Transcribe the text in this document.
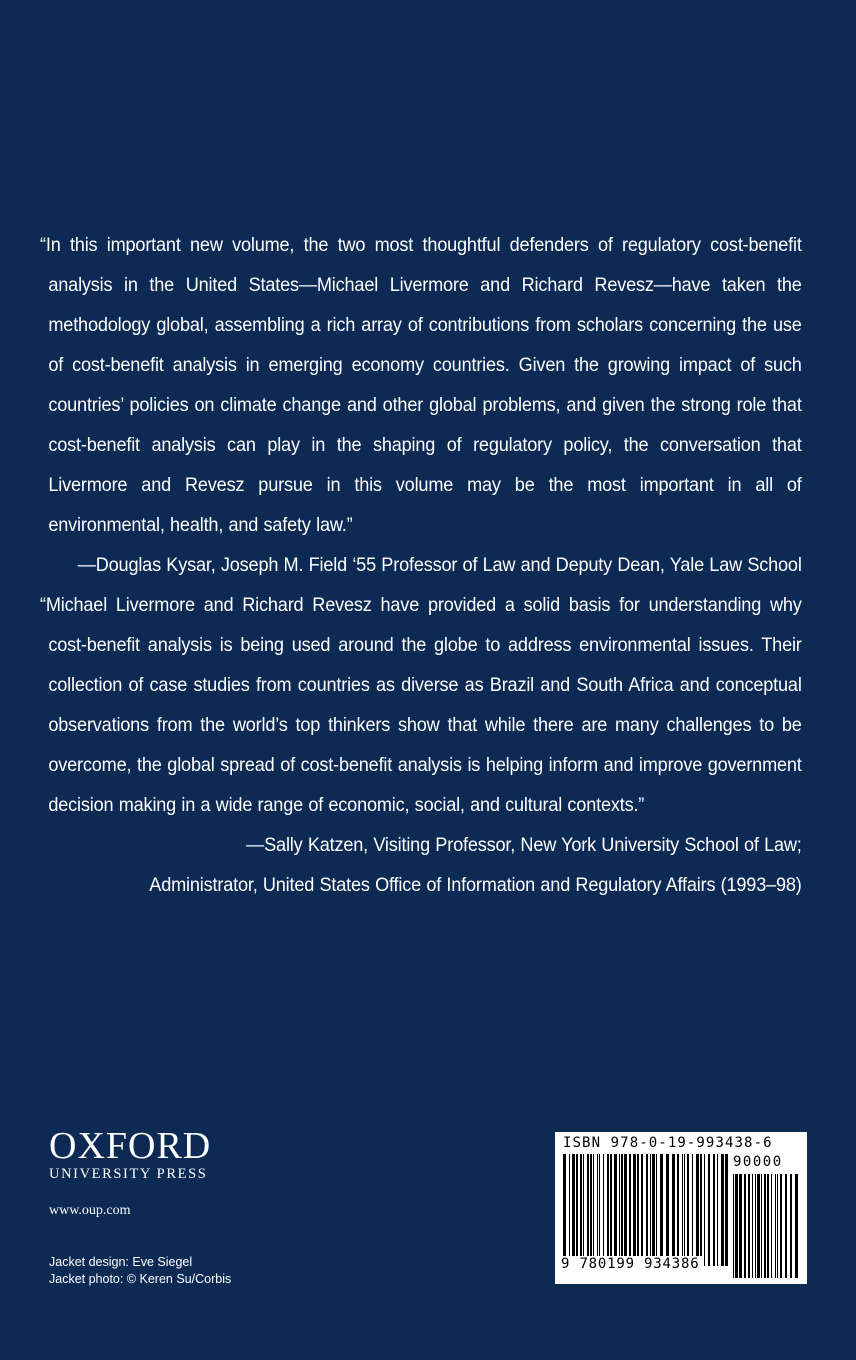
“In this important new volume, the two most thoughtful defenders of regulatory cost-benefit analysis in the United States—Michael Livermore and Richard Revesz—have taken the methodology global, assembling a rich array of contributions from scholars concerning the use of cost-benefit analysis in emerging economy countries. Given the growing impact of such countries’ policies on climate change and other global problems, and given the strong role that cost-benefit analysis can play in the shaping of regulatory policy, the conversation that Livermore and Revesz pursue in this volume may be the most important in all of environmental, health, and safety law.”
—Douglas Kysar, Joseph M. Field ‘55 Professor of Law and Deputy Dean, Yale Law School
“Michael Livermore and Richard Revesz have provided a solid basis for understanding why cost-benefit analysis is being used around the globe to address environmental issues. Their collection of case studies from countries as diverse as Brazil and South Africa and conceptual observations from the world’s top thinkers show that while there are many challenges to be overcome, the global spread of cost-benefit analysis is helping inform and improve government decision making in a wide range of economic, social, and cultural contexts.”
—Sally Katzen, Visiting Professor, New York University School of Law;
Administrator, United States Office of Information and Regulatory Affairs (1993–98)
OXFORD
UNIVERSITY PRESS
www.oup.com
Jacket design: Eve Siegel
Jacket photo: © Keren Su/Corbis
ISBN 978-0-19-993438-6
90000
9 780199 934386
